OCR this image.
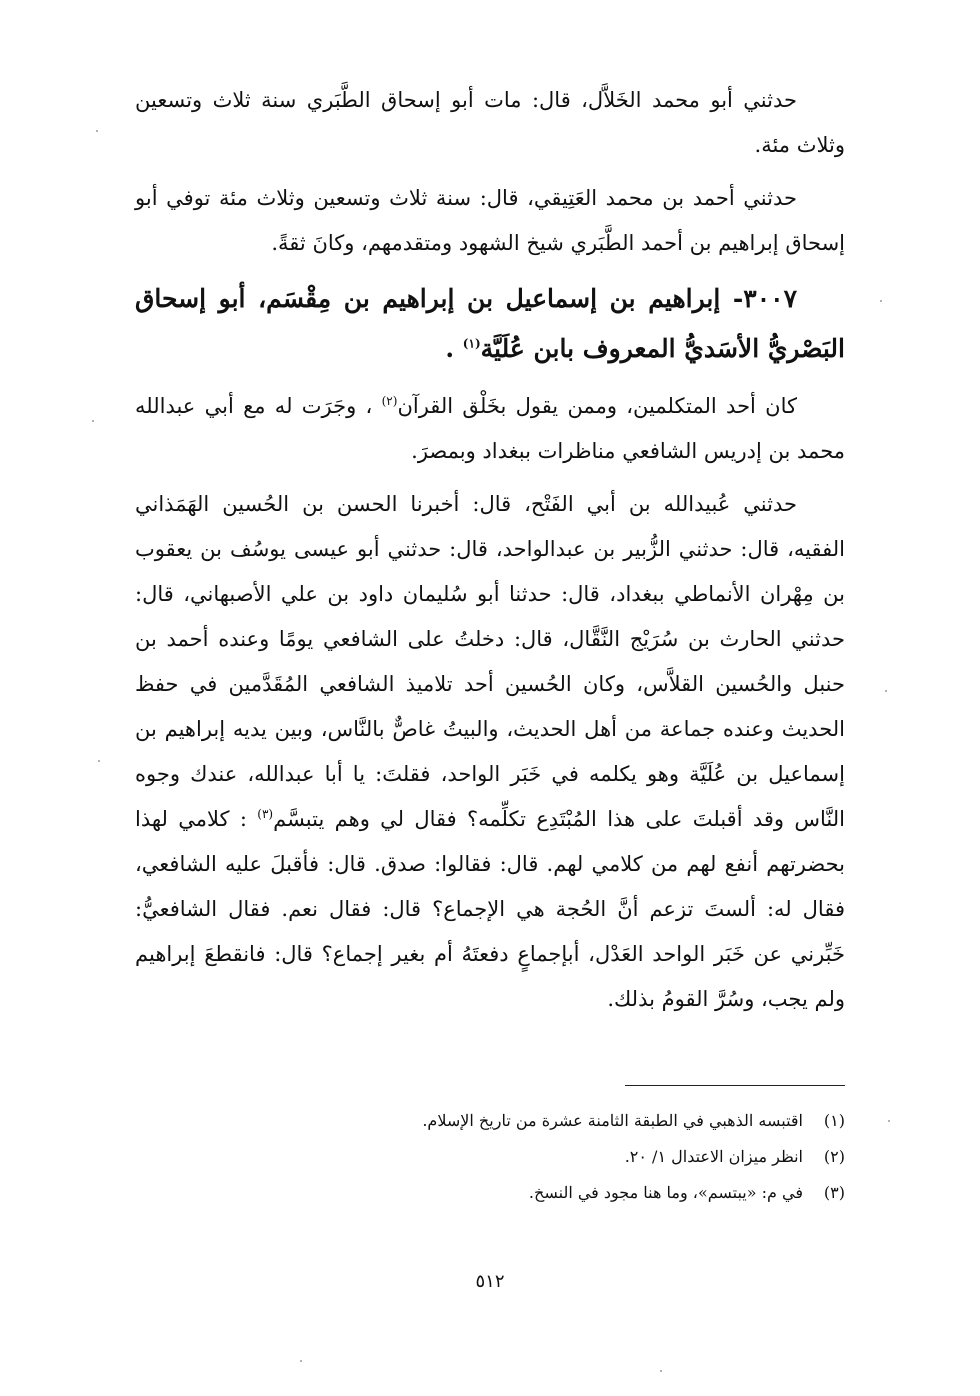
حدثني أبو محمد الخَلاَّل، قال: مات أبو إسحاق الطَّبَري سنة ثلاث وتسعين وثلاث مئة.

حدثني أحمد بن محمد العَتِيقي، قال: سنة ثلاث وتسعين وثلاث مئة توفي أبو إسحاق إبراهيم بن أحمد الطَّبَري شيخ الشهود ومتقدمهم، وكانَ ثقةً.

٣٠٠٧- إبراهيم بن إسماعيل بن إبراهيم بن مِقْسَم، أبو إسحاق البَصْريُّ الأسَديُّ المعروف بابن عُلَيَّة$^{(١)}$ .

كان أحد المتكلمين، وممن يقول بخَلْق القرآن$^{(٢)}$ ، وجَرَت له مع أبي عبدالله محمد بن إدريس الشافعي مناظرات ببغداد وبمصرَ.

حدثني عُبيدالله بن أبي الفَتْح، قال: أخبرنا الحسن بن الحُسين الهَمَذاني الفقيه، قال: حدثني الزُّبير بن عبدالواحد، قال: حدثني أبو عيسى يوسُف بن يعقوب بن مِهْران الأنماطي ببغداد، قال: حدثنا أبو سُليمان داود بن علي الأصبهاني، قال: حدثني الحارث بن سُرَيْج النَّقَّال، قال: دخلتُ على الشافعي يومًا وعنده أحمد بن حنبل والحُسين القلاَّس، وكان الحُسين أحد تلاميذ الشافعي المُقَدَّمين في حفظ الحديث وعنده جماعة من أهل الحديث، والبيتُ غاصٌّ بالنَّاس، وبين يديه إبراهيم بن إسماعيل بن عُلَيَّة وهو يكلمه في خَبَر الواحد، فقلتَ: يا أبا عبدالله، عندك وجوه النَّاس وقد أقبلتَ على هذا المُبْتَدِع تكلِّمه؟ فقال لي وهم يتبسَّم$^{(٣)}$ : كلامي لهذا بحضرتهم أنفع لهم من كلامي لهم. قال: فقالوا: صدق. قال: فأقبلَ عليه الشافعي، فقال له: ألستَ تزعم أنَّ الحُجة هي الإجماع؟ قال: فقال نعم. فقال الشافعيُّ: خَبِّرني عن خَبَر الواحد العَدْل، أبإجماعٍ دفعتَهُ أم بغير إجماع؟ قال: فانقطعَ إبراهيم ولم يجب، وسُرَّ القومُ بذلك.

(١)اقتبسه الذهبي في الطبقة الثامنة عشرة من تاريخ الإسلام.
(٢)انظر ميزان الاعتدال ١/ ٢٠.
(٣)في م: «يبتسم»، وما هنا مجود في النسخ.
٥١٢
